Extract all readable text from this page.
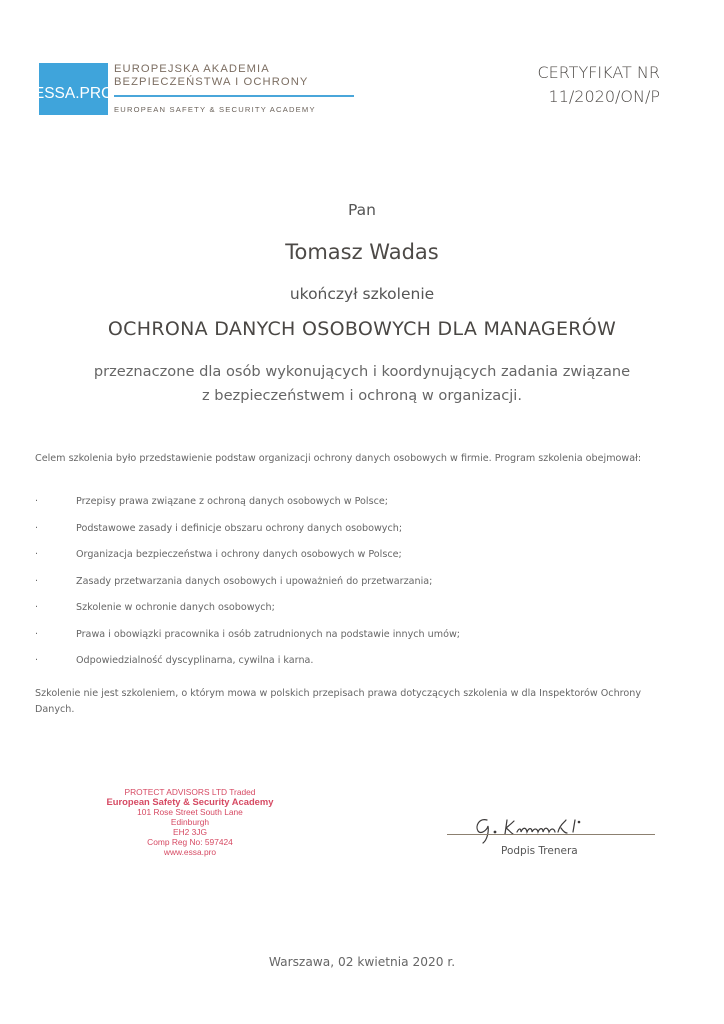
ESSA.PRO
EUROPEJSKA AKADEMIA
BEZPIECZEŃSTWA I OCHRONY
EUROPEAN SAFETY & SECURITY ACADEMY
CERTYFIKAT NR
11/2020/ON/P
Pan
Tomasz Wadas
ukończył szkolenie
OCHRONA DANYCH OSOBOWYCH DLA MANAGERÓW
przeznaczone dla osób wykonujących i koordynujących zadania związane
z bezpieczeństwem i ochroną w organizacji.
Celem szkolenia było przedstawienie podstaw organizacji ochrony danych osobowych w firmie. Program szkolenia obejmował:
·	Przepisy prawa związane z ochroną danych osobowych w Polsce;
·	Podstawowe zasady i definicje obszaru ochrony danych osobowych;
·	Organizacja bezpieczeństwa i ochrony danych osobowych w Polsce;
·	Zasady przetwarzania danych osobowych i upoważnień do przetwarzania;
·	Szkolenie w ochronie danych osobowych;
·	Prawa i obowiązki pracownika i osób zatrudnionych na podstawie innych umów;
·	Odpowiedzialność dyscyplinarna, cywilna i karna.
Szkolenie nie jest szkoleniem, o którym mowa w polskich przepisach prawa dotyczących szkolenia w dla Inspektorów Ochrony Danych.
PROTECT ADVISORS LTD Traded
European Safety & Security Academy
101 Rose Street South Lane
Edinburgh
EH2 3JG
Comp Reg No: 597424
www.essa.pro	Podpis Trenera
Warszawa, 02 kwietnia 2020 r.
